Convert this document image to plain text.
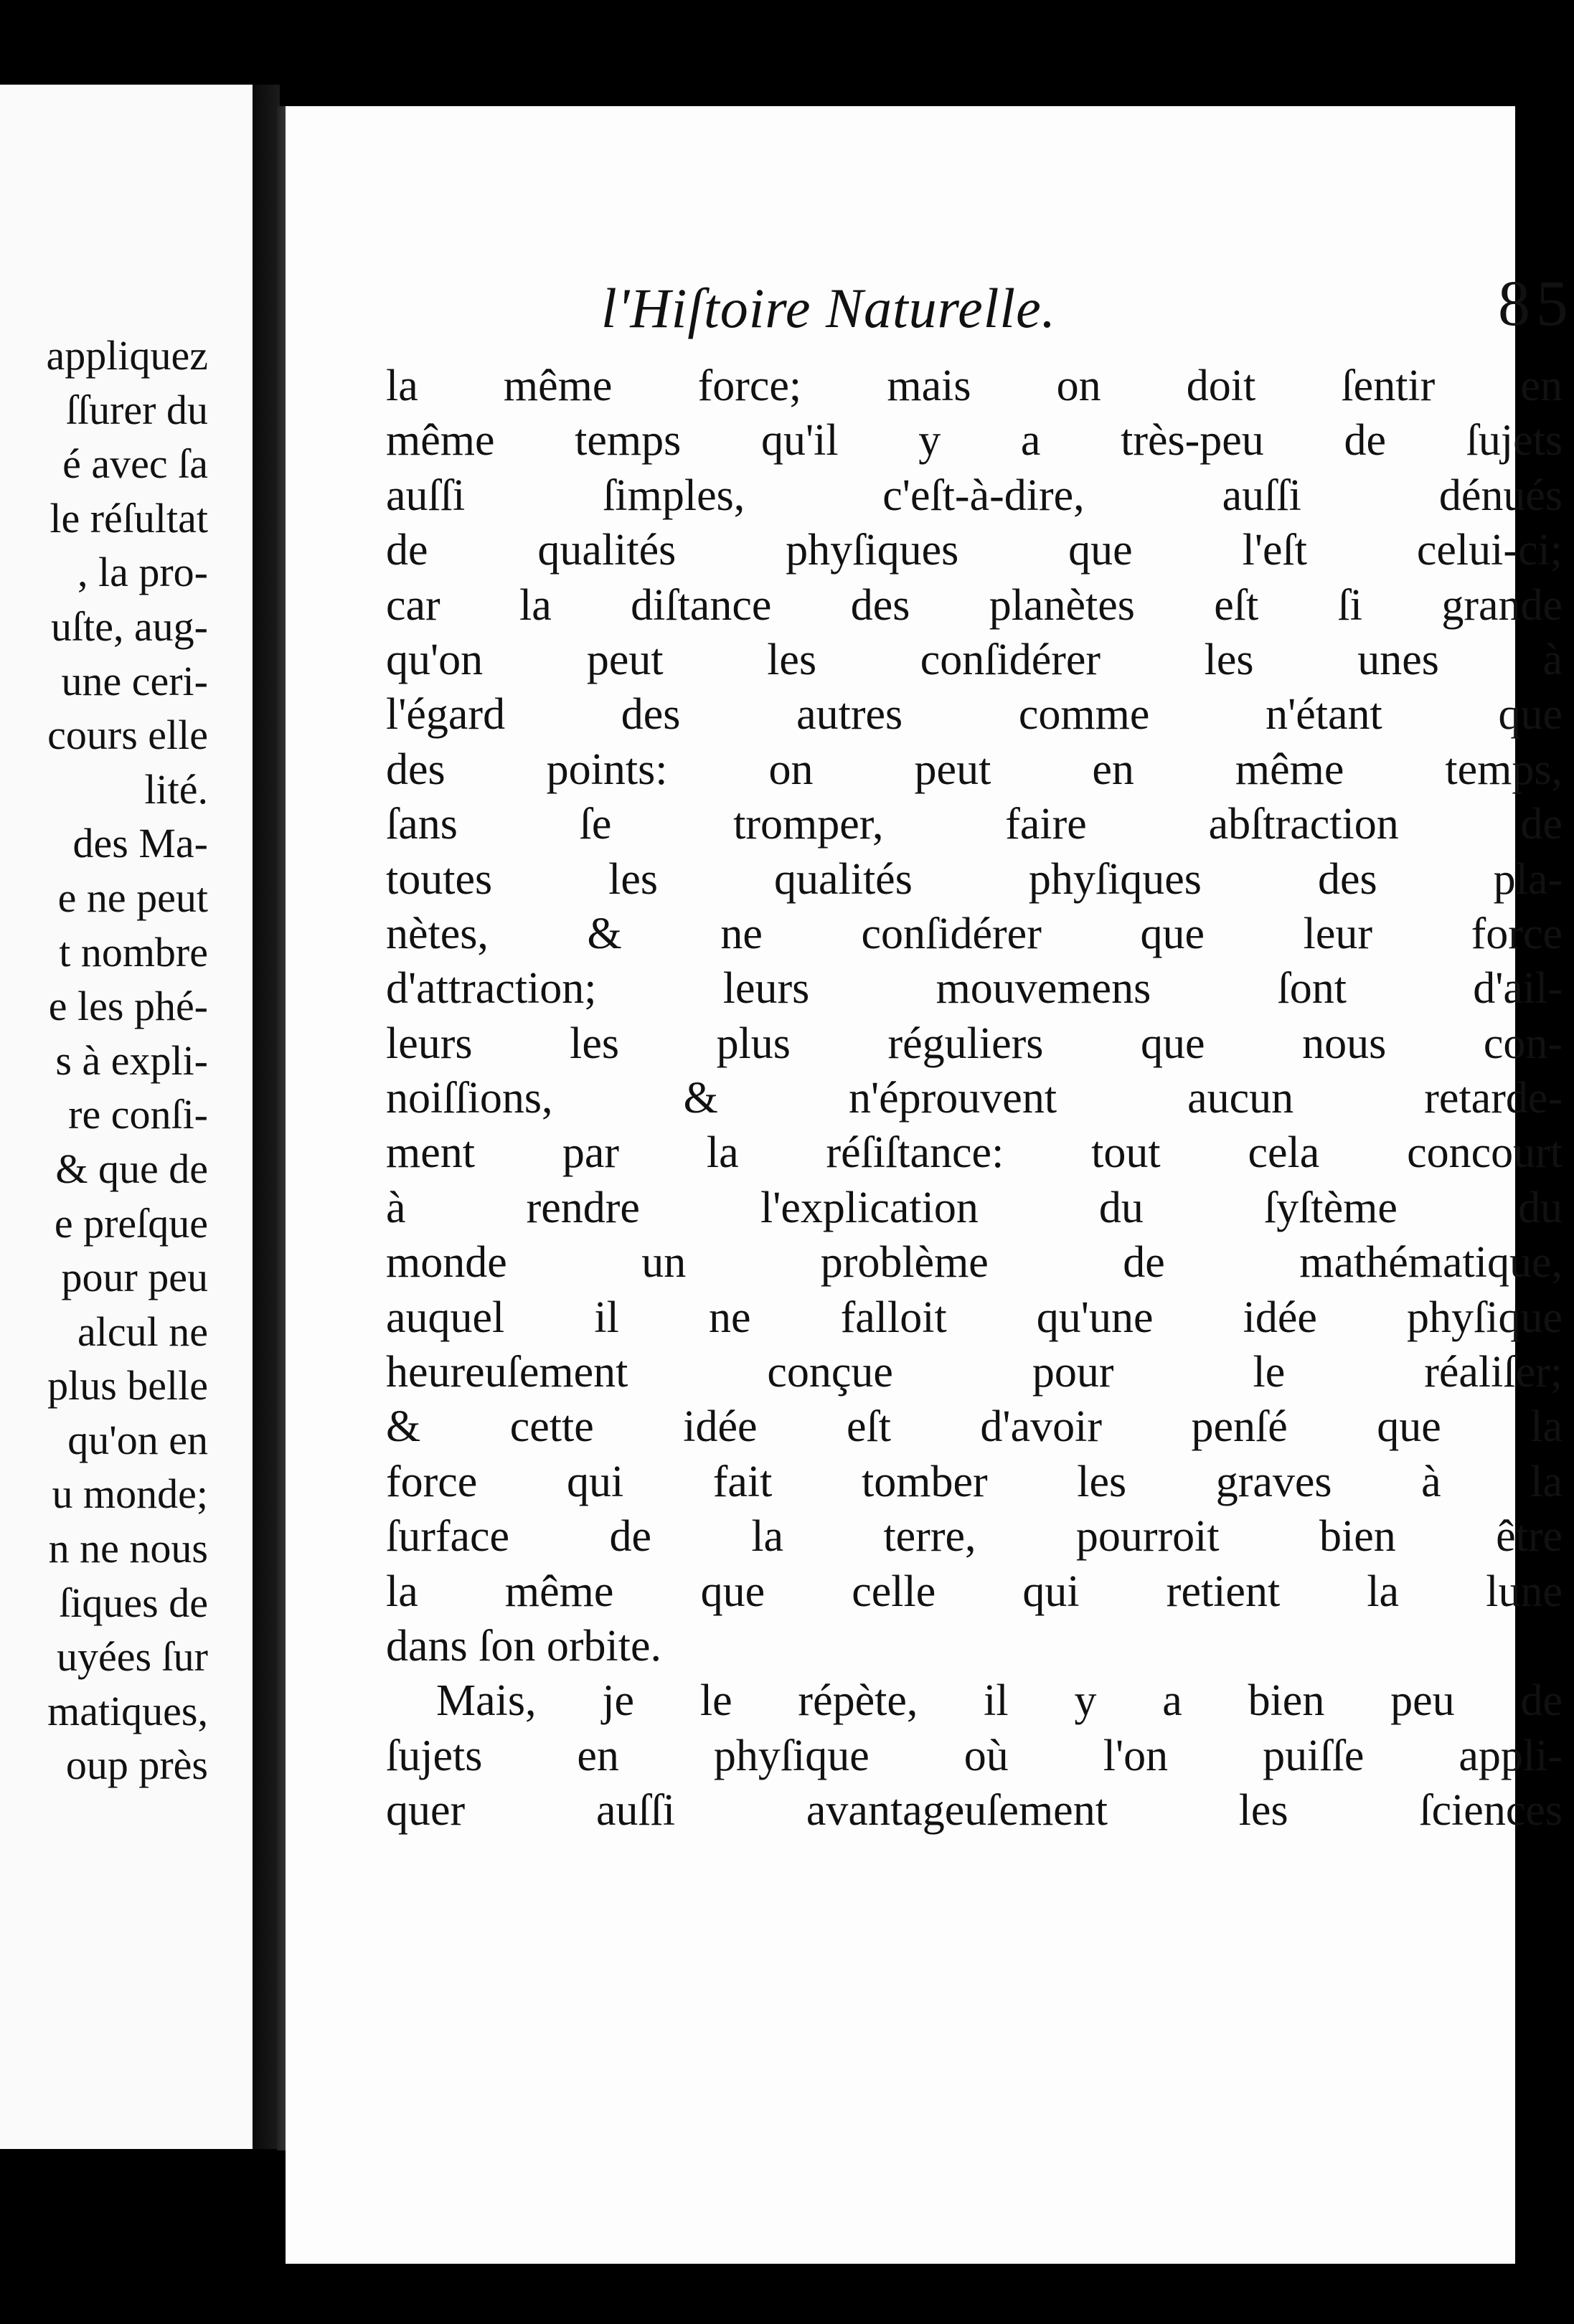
appliquez
ſſurer du
é avec ſa
le réſultat
, la pro-
uſte, aug-
une ceri-
cours elle
lité.
des Ma-
e ne peut
t nombre
e les phé-
s à expli-
re conſi-
& que de
e preſque
pour peu
alcul ne
plus belle
qu'on en
u monde;
n ne nous
ſiques de
uyées ſur
matiques,
oup près
l'Hiſtoire Naturelle.	85
la même force; mais on doit ſentir en
même temps qu'il y a très-peu de ſujets
auſſi ſimples, c'eſt-à-dire, auſſi dénués
de qualités phyſiques que l'eſt celui-ci;
car la diſtance des planètes eſt ſi grande
qu'on peut les conſidérer les unes à
l'égard des autres comme n'étant que
des points: on peut en même temps,
ſans ſe tromper, faire abſtraction de
toutes les qualités phyſiques des pla-
nètes, & ne conſidérer que leur force
d'attraction; leurs mouvemens ſont d'ail-
leurs les plus réguliers que nous con-
noiſſions, & n'éprouvent aucun retarde-
ment par la réſiſtance: tout cela concourt
à rendre l'explication du ſyſtème du
monde un problème de mathématique,
auquel il ne falloit qu'une idée phyſique
heureuſement conçue pour le réaliſer;
& cette idée eſt d'avoir penſé que la
force qui fait tomber les graves à la
ſurface de la terre, pourroit bien être
la même que celle qui retient la lune
dans ſon orbite.
Mais, je le répète, il y a bien peu de
ſujets en phyſique où l'on puiſſe appli-
quer auſſi avantageuſement les ſciences
